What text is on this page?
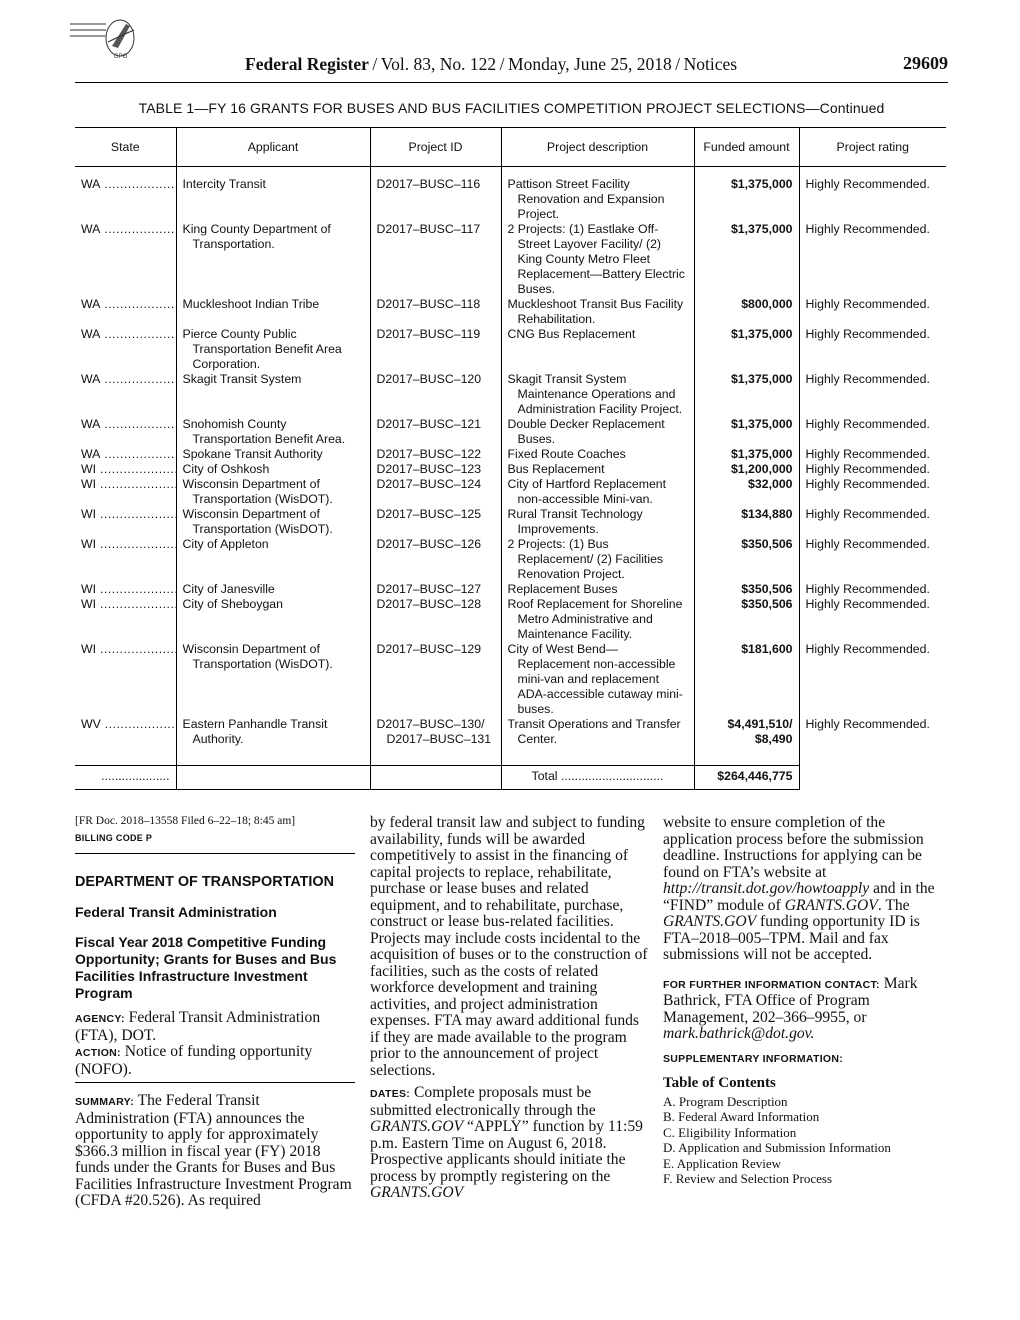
GPO	Federal Register / Vol. 83, No. 122 / Monday, June 25, 2018 / Notices	29609
TABLE 1—FY 16 GRANTS FOR BUSES AND BUS FACILITIES COMPETITION PROJECT SELECTIONS—Continued
State	Applicant	Project ID	Project description	Funded amount	Project rating

WA .....	Intercity Transit	D2017–BUSC–116	Pattison Street Facility Renovation and Expansion Project.	$1,375,000	Highly Recommended.
WA .....	King County Department of Transportation.	D2017–BUSC–117	2 Projects: (1) Eastlake Off-Street Layover Facility/ (2) King County Metro Fleet Replacement—Battery Electric Buses.	$1,375,000	Highly Recommended.
WA .....	Muckleshoot Indian Tribe	D2017–BUSC–118	Muckleshoot Transit Bus Facility Rehabilitation.	$800,000	Highly Recommended.
WA .....	Pierce County Public Transportation Benefit Area Corporation.	D2017–BUSC–119	CNG Bus Replacement	$1,375,000	Highly Recommended.
WA .....	Skagit Transit System	D2017–BUSC–120	Skagit Transit System Maintenance Operations and Administration Facility Project.	$1,375,000	Highly Recommended.
WA .....	Snohomish County Transportation Benefit Area.	D2017–BUSC–121	Double Decker Replacement Buses.	$1,375,000	Highly Recommended.
WA .....	Spokane Transit Authority	D2017–BUSC–122	Fixed Route Coaches	$1,375,000	Highly Recommended.
WI .....	City of Oshkosh	D2017–BUSC–123	Bus Replacement	$1,200,000	Highly Recommended.
WI .....	Wisconsin Department of Transportation (WisDOT).	D2017–BUSC–124	City of Hartford Replacement non-accessible Mini-van.	$32,000	Highly Recommended.
WI .....	Wisconsin Department of Transportation (WisDOT).	D2017–BUSC–125	Rural Transit Technology Improvements.	$134,880	Highly Recommended.
WI .....	City of Appleton	D2017–BUSC–126	2 Projects: (1) Bus Replacement/ (2) Facilities Renovation Project.	$350,506	Highly Recommended.
WI .....	City of Janesville	D2017–BUSC–127	Replacement Buses	$350,506	Highly Recommended.
WI .....	City of Sheboygan	D2017–BUSC–128	Roof Replacement for Shoreline Metro Administrative and Maintenance Facility.	$350,506	Highly Recommended.
WI .....	Wisconsin Department of Transportation (WisDOT).	D2017–BUSC–129	City of West Bend—Replacement non-accessible mini-van and replacement ADA-accessible cutaway mini-buses.	$181,600	Highly Recommended.
WV .....	Eastern Panhandle Transit Authority.	D2017–BUSC–130/ D2017–BUSC–131	Transit Operations and Transfer Center.	$4,491,510/ $8,490	Highly Recommended.

....................			Total ..............................	$264,446,775	
[FR Doc. 2018–13558 Filed 6–22–18; 8:45 am]
BILLING CODE P
DEPARTMENT OF TRANSPORTATION
Federal Transit Administration
Fiscal Year 2018 Competitive Funding Opportunity; Grants for Buses and Bus Facilities Infrastructure Investment Program

AGENCY: Federal Transit Administration (FTA), DOT.

ACTION: Notice of funding opportunity (NOFO).

SUMMARY: The Federal Transit Administration (FTA) announces the opportunity to apply for approximately $366.3 million in fiscal year (FY) 2018 funds under the Grants for Buses and Bus Facilities Infrastructure Investment Program (CFDA #20.526). As required

by federal transit law and subject to funding availability, funds will be awarded competitively to assist in the financing of capital projects to replace, rehabilitate, purchase or lease buses and related equipment, and to rehabilitate, purchase, construct or lease bus-related facilities. Projects may include costs incidental to the acquisition of buses or to the construction of facilities, such as the costs of related workforce development and training activities, and project administration expenses. FTA may award additional funds if they are made available to the program prior to the announcement of project selections.

DATES: Complete proposals must be submitted electronically through the GRANTS.GOV “APPLY” function by 11:59 p.m. Eastern Time on August 6, 2018. Prospective applicants should initiate the process by promptly registering on the GRANTS.GOV

website to ensure completion of the application process before the submission deadline. Instructions for applying can be found on FTA’s website at http://transit.dot.gov/howtoapply and in the “FIND” module of GRANTS.GOV. The GRANTS.GOV funding opportunity ID is FTA–2018–005–TPM. Mail and fax submissions will not be accepted.

FOR FURTHER INFORMATION CONTACT: Mark Bathrick, FTA Office of Program Management, 202–366–9955, or mark.bathrick@dot.gov.

SUPPLEMENTARY INFORMATION:
Table of Contents
A. Program Description
B. Federal Award Information
C. Eligibility Information
D. Application and Submission Information
E. Application Review
F. Review and Selection Process
